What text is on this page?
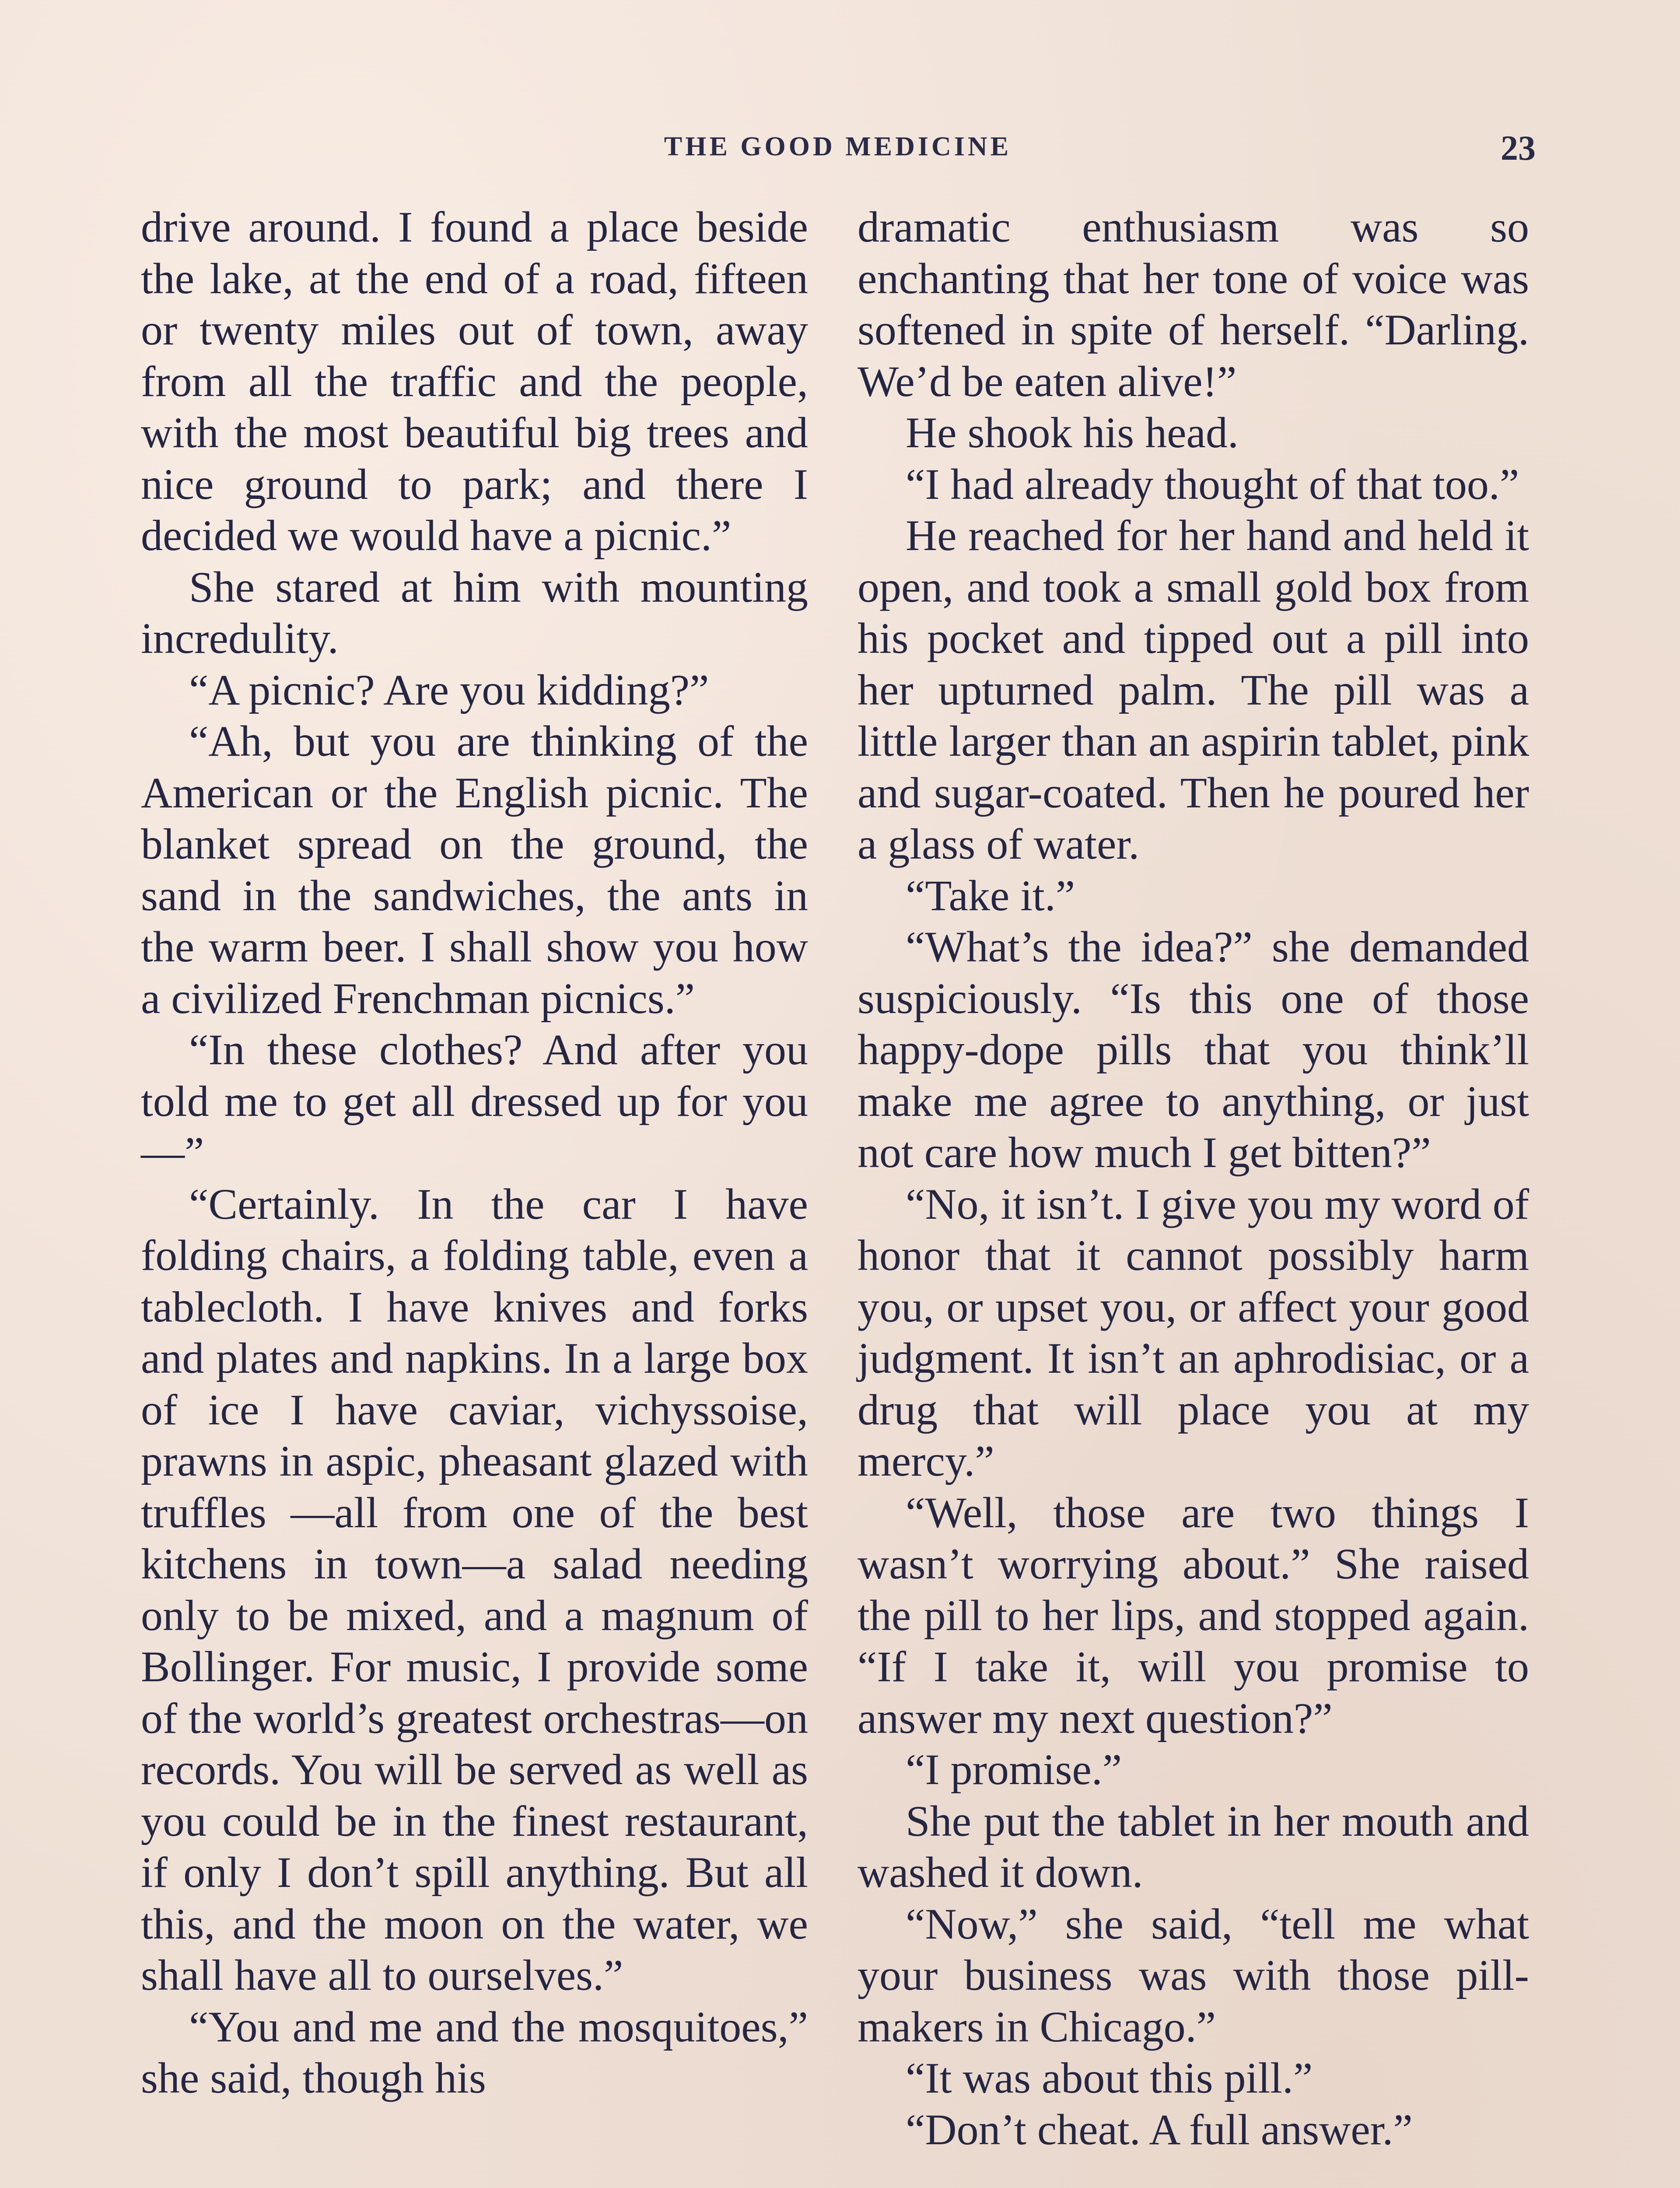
THE GOOD MEDICINE	23

drive around. I found a place beside the lake, at the end of a road, fifteen or twenty miles out of town, away from all the traffic and the people, with the most beautiful big trees and nice ground to park; and there I decided we would have a picnic.”

She stared at him with mounting incredulity.

“A picnic? Are you kidding?”

“Ah, but you are thinking of the American or the English picnic. The blanket spread on the ground, the sand in the sandwiches, the ants in the warm beer. I shall show you how a civilized Frenchman picnics.”

“In these clothes? And after you told me to get all dressed up for you—”

“Certainly. In the car I have folding chairs, a folding table, even a tablecloth. I have knives and forks and plates and napkins. In a large box of ice I have caviar, vichyssoise, prawns in aspic, pheasant glazed with truffles —all from one of the best kitchens in town—a salad needing only to be mixed, and a magnum of Bollinger. For music, I provide some of the world’s greatest orchestras—on records. You will be served as well as you could be in the finest restaurant, if only I don’t spill anything. But all this, and the moon on the water, we shall have all to ourselves.”

“You and me and the mosquitoes,” she said, though his

dramatic enthusiasm was so enchanting that her tone of voice was softened in spite of herself. “Darling. We’d be eaten alive!”

He shook his head.

“I had already thought of that too.”

He reached for her hand and held it open, and took a small gold box from his pocket and tipped out a pill into her upturned palm. The pill was a little larger than an aspirin tablet, pink and sugar-coated. Then he poured her a glass of water.

“Take it.”

“What’s the idea?” she demanded suspiciously. “Is this one of those happy-dope pills that you think’ll make me agree to anything, or just not care how much I get bitten?”

“No, it isn’t. I give you my word of honor that it cannot possibly harm you, or upset you, or affect your good judgment. It isn’t an aphrodisiac, or a drug that will place you at my mercy.”

“Well, those are two things I wasn’t worrying about.” She raised the pill to her lips, and stopped again. “If I take it, will you promise to answer my next question?”

“I promise.”

She put the tablet in her mouth and washed it down.

“Now,” she said, “tell me what your business was with those pill-makers in Chicago.”

“It was about this pill.”

“Don’t cheat. A full answer.”
